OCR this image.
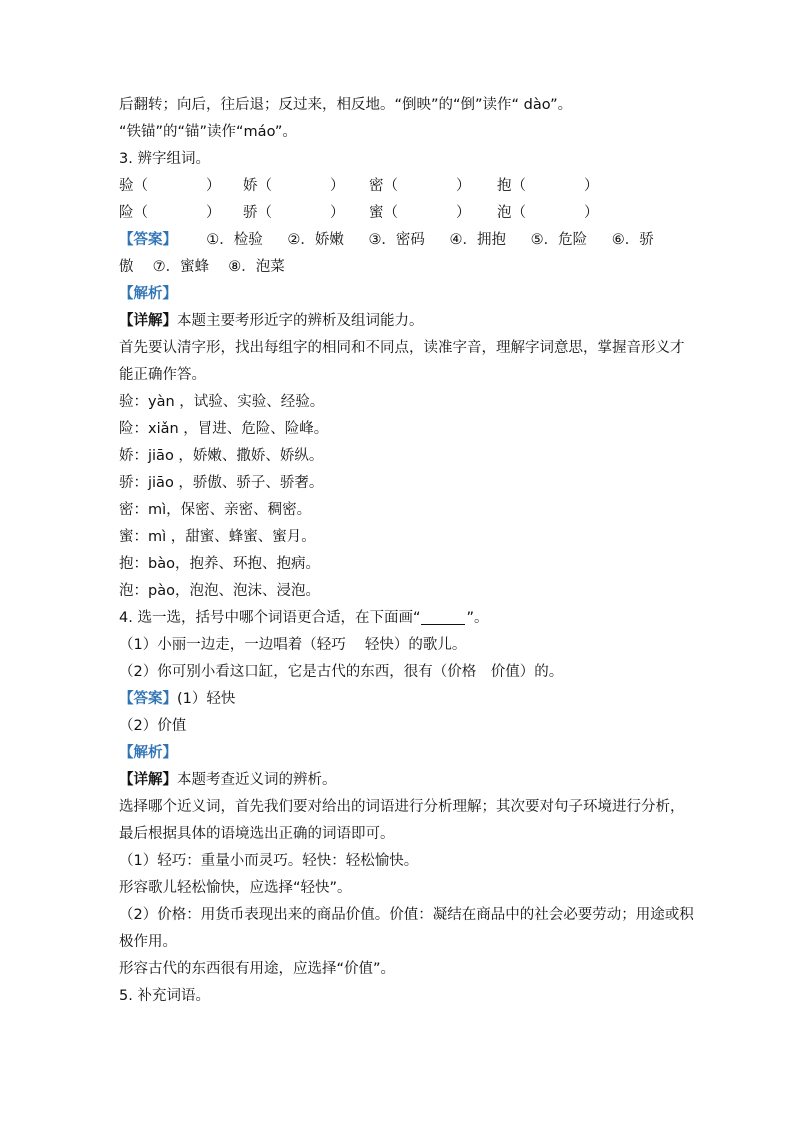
后翻转；向后，往后退；反过来，相反地。“倒映”的“倒”读作“ dào”。
“铁锚”的“锚”读作“máo”。
3. 辨字组词。
验（　　　　） 娇（　　　　） 密（　　　　） 抱（　　　　）
险（　　　　） 骄（　　　　） 蜜（　　　　） 泡（　　　　）
【答案】 ①．检验 ②．娇嫩 ③．密码 ④．拥抱 ⑤．危险 ⑥．骄
傲　 ⑦．蜜蜂　 ⑧．泡菜
【解析】
【详解】本题主要考形近字的辨析及组词能力。
首先要认清字形，找出每组字的相同和不同点，读准字音，理解字词意思，掌握音形义才
能正确作答。
验：yàn ，试验、实验、经验。
险：xiǎn ，冒进、危险、险峰。
娇：jiāo ，娇嫩、撒娇、娇纵。
骄：jiāo ，骄傲、骄子、骄奢。
密：mì，保密、亲密、稠密。
蜜：mì ，甜蜜、蜂蜜、蜜月。
抱：bào，抱养、环抱、抱病。
泡：pào，泡泡、泡沫、浸泡。
4. 选一选，括号中哪个词语更合适，在下面画“	”。
（1）小丽一边走，一边唱着（轻巧　 轻快）的歌儿。
（2）你可别小看这口缸，它是古代的东西，很有（价格　价值）的。
【答案】(1）轻快
（2）价值
【解析】
【详解】本题考查近义词的辨析。
选择哪个近义词，首先我们要对给出的词语进行分析理解；其次要对句子环境进行分析，
最后根据具体的语境选出正确的词语即可。
（1）轻巧：重量小而灵巧。轻快：轻松愉快。
形容歌儿轻松愉快，应选择“轻快”。
（2）价格：用货币表现出来的商品价值。价值：凝结在商品中的社会必要劳动；用途或积
极作用。
形容古代的东西很有用途，应选择“价值”。
5. 补充词语。
